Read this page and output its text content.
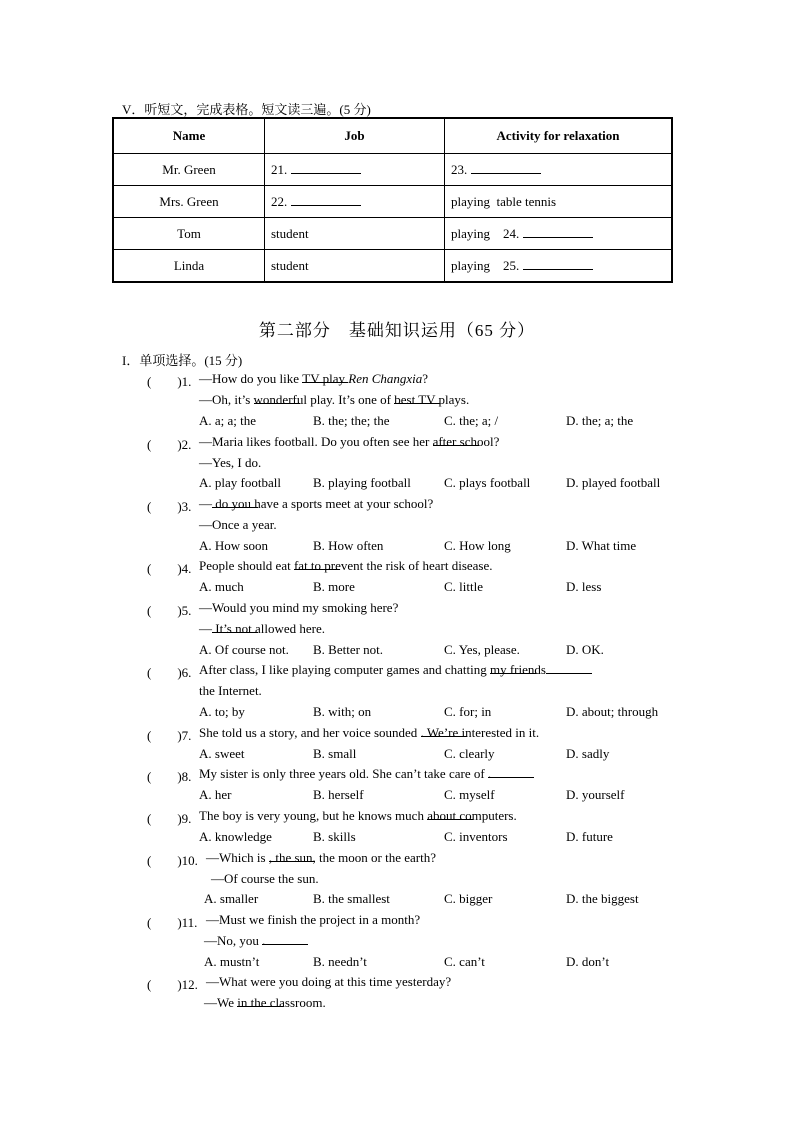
V．听短文，完成表格。短文读三遍。(5 分)
Name	Job	Activity for relaxation
Mr. Green	21.	23.
Mrs. Green	22.	playing  table tennis
Tom	student	playing    24.
Linda	student	playing    25.
第二部分　基础知识运用（65 分）
I．单项选择。(15 分)
(　　)1. —How do you like
TV play Ren Changxia?
—Oh, it’s
wonderful play. It’s one of
best TV plays.
A. a; a; the	B. the; the; the	C. the; a; /	D. the; a; the
(　　)2. —Maria likes football. Do you often see her
after school?
—Yes, I do.
A. play football B. playing football	C. plays football	D. played football
(　　)3. —
do you have a sports meet at your school?
—Once a year.
A. How soon	B. How often	C. How long	D. What time
(　　)4. People should eat
fat to prevent the risk of heart disease.
A. much	B. more	C. little	D. less
(　　)5. —Would you mind my smoking here?
—
It’s not allowed here.
A. Of course not. B. Better not.	C. Yes, please.	D. OK.
(　　)6. After class, I like playing computer games and chatting
my friends
the Internet.
A. to; by	B. with; on	C. for; in	D. about; through
(　　)7. She told us a story, and her voice sounded
. We’re interested in it.
A. sweet	B. small	C. clearly	D. sadly
(　　)8. My sister is only three years old. She can’t take care of
.
A. her	B. herself	C. myself	D. yourself
(　　)9. The boy is very young, but he knows much
about computers.
A. knowledge	B. skills	C. inventors	D. future
(　　)10. —Which is
, the sun, the moon or the earth?
—Of course the sun.
A. smaller	B. the smallest	C. bigger	D. the biggest
(　　)11. —Must we finish the project in a month?
—No, you
.
A. mustn’t	B. needn’t	C. can’t	D. don’t
(　　)12. —What were you doing at this time yesterday?
—We
in the classroom.
